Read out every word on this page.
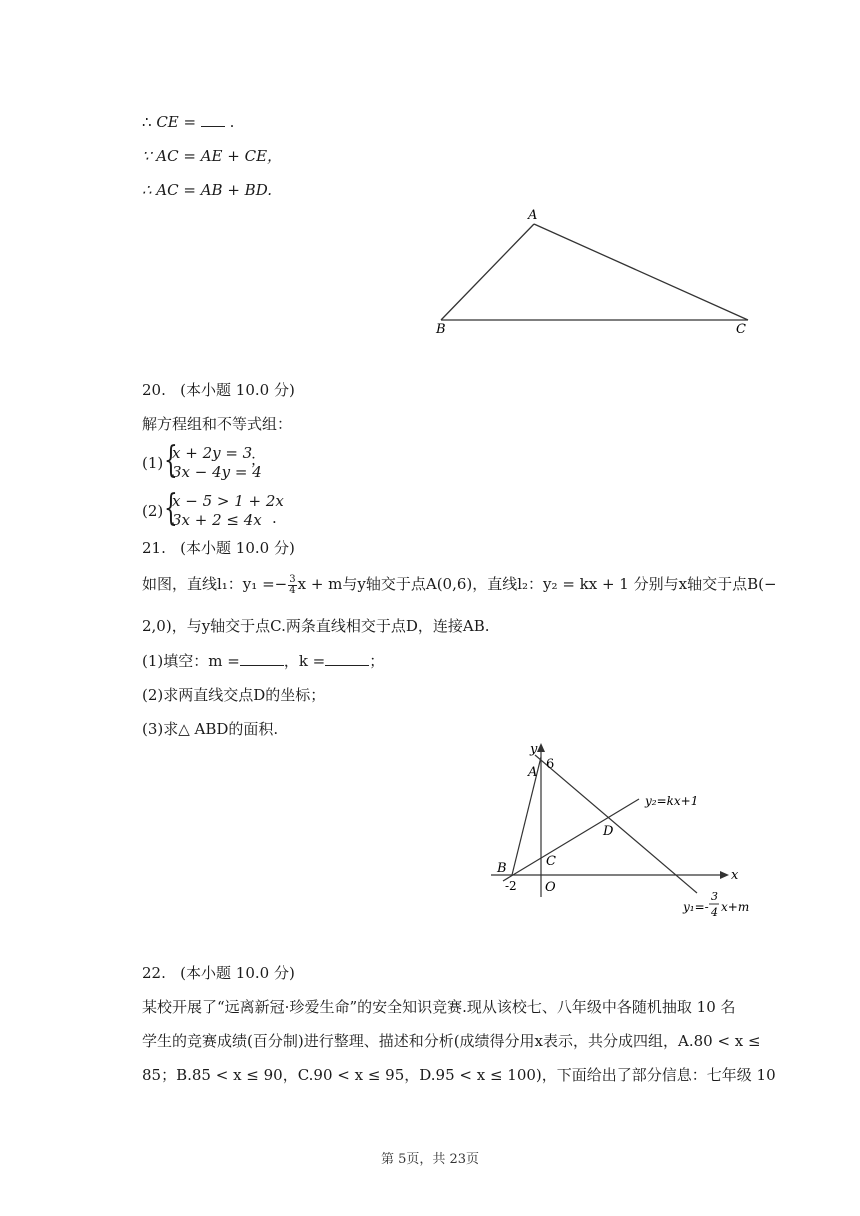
∴ CE =  .
∵ AC = AE + CE，
∴ AC = AB + BD.
A
B	C
20. (本小题 10.0 分)
解方程组和不等式组：
(1) {
x + 2y = 3
3x − 4y = 4
；
(2) {
x − 5 > 1 + 2x
3x + 2 ≤ 4x .
21. (本小题 10.0 分)
如图，直线l₁：$y_1 =- \frac{3}{4}$ x + m与y轴交于点A(0,6)，直线l₂：y₂ = kx + 1 分别与x轴交于点B(−
2,0)，与y轴交于点C.两条直线相交于点D，连接AB.
(1)填空：m =	，k =	；
(2)求两直线交点D的坐标；
(3)求△ ABD的面积.
y
x
A
6
B
-2
C
O
D
y₂=kx+1
y₁=-
3
4 x+m
22. (本小题 10.0 分)
某校开展了“远离新冠·珍爱生命”的安全知识竞赛.现从该校七、八年级中各随机抽取 10 名
学生的竞赛成绩(百分制)进行整理、描述和分析(成绩得分用x表示，共分成四组，A.80 < x ≤
85；B.85 < x ≤ 90，C.90 < x ≤ 95，D.95 < x ≤ 100)，下面给出了部分信息：七年级 10
第 5页，共 23页
